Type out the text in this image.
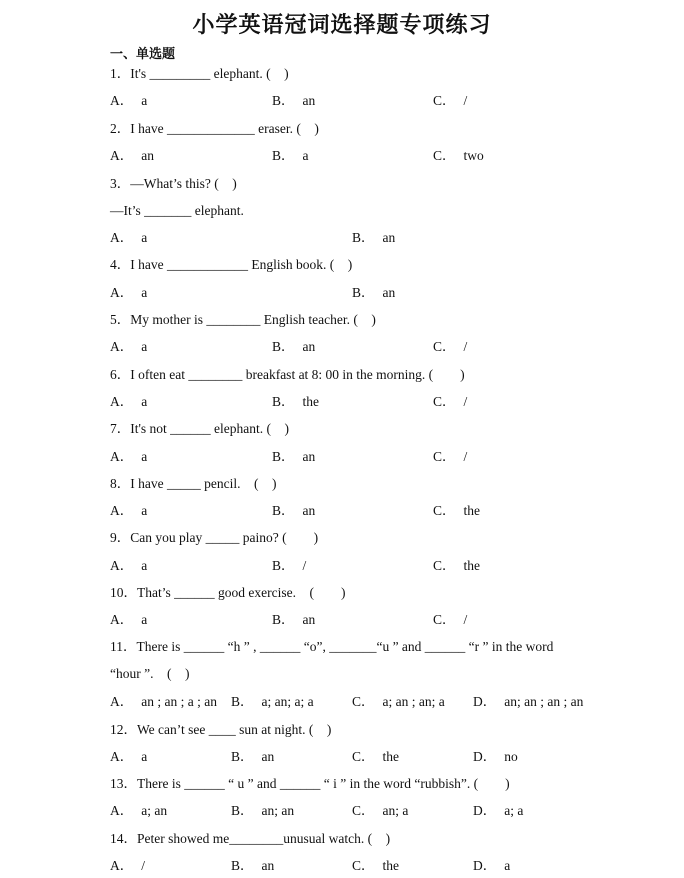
小学英语冠词选择题专项练习
一、单选题
1．It's _________ elephant. (　)
2．I have _____________ eraser. (　)
3．—What’s this? (　)
—It’s _______ elephant.
4．I have ____________ English book. (　)
5．My mother is ________ English teacher. (　)
6．I often eat ________ breakfast at 8: 00 in the morning. (　　)
7．It's not ______ elephant. (　)
8．I have _____ pencil.　(　)
9．Can you play _____ paino? (　　)
10．That’s ______ good exercise.　(　　)
11．There is ______ “h ” , ______ “o”, _______“u ” and ______ “r ” in the word
“hour ”.　(　)
12．We can’t see ____ sun at night. (　)
13．There is ______ “ u ” and ______ “ i ” in the word “rubbish”. (　　)
14．Peter showed me________unusual watch. (　)
A． a	B． an	C． /
A． an	B． a	C． two
A． a	B． an
A． a	B． an
A． a	B． an	C． /
A． a	B． the	C． /
A． a	B． an	C． /
A． a	B． an	C． the
A． a	B． /	C． the
A． a	B． an	C． /
A． an ; an ; a ; an B． a; an; a; a	C． a; an ; an; a D． an; an ; an ; an
A． a	B． an	C． the	D． no
A． a; an	B． an; an	C． an; a	D． a; a
A． /	B． an	C． the	D． a
